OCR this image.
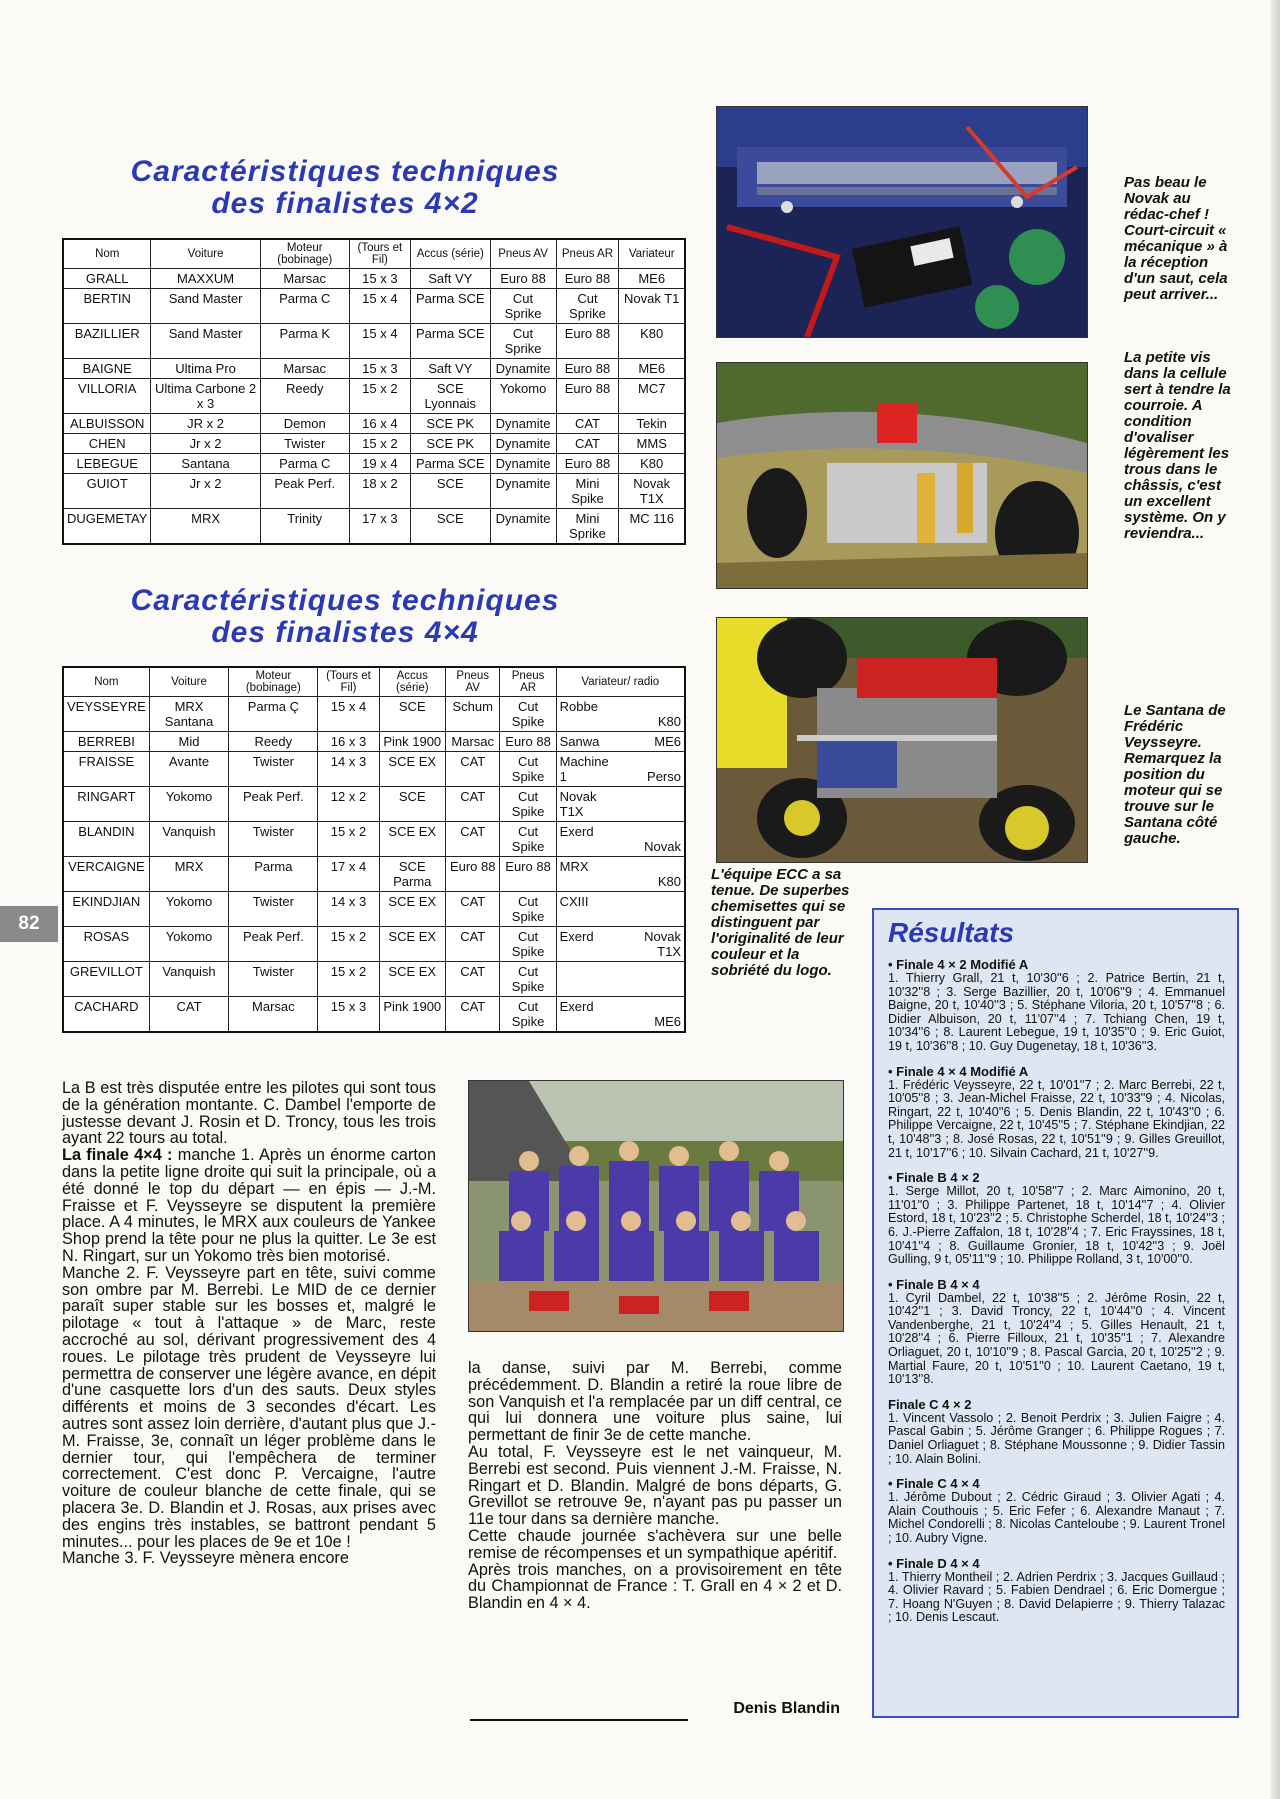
Caractéristiques techniques
des finalistes 4×2
Nom	Voiture	Moteur (bobinage)	(Tours et Fil)	Accus (série)	Pneus AV	Pneus AR	Variateur
GRALL	MAXXUM	Marsac	15 x 3	Saft VY	Euro 88	Euro 88	ME6
BERTIN	Sand Master	Parma C	15 x 4	Parma SCE	Cut Sprike	Cut Sprike	Novak T1
BAZILLIER	Sand Master	Parma K	15 x 4	Parma SCE	Cut Sprike	Euro 88	K80
BAIGNE	Ultima Pro	Marsac	15 x 3	Saft VY	Dynamite	Euro 88	ME6
VILLORIA	Ultima Carbone 2 x 3	Reedy	15 x 2	SCE Lyonnais	Yokomo	Euro 88	MC7
ALBUISSON	JR x 2	Demon	16 x 4	SCE PK	Dynamite	CAT	Tekin
CHEN	Jr x 2	Twister	15 x 2	SCE PK	Dynamite	CAT	MMS
LEBEGUE	Santana	Parma C	19 x 4	Parma SCE	Dynamite	Euro 88	K80
GUIOT	Jr x 2	Peak Perf.	18 x 2	SCE	Dynamite	Mini Spike	Novak T1X
DUGEMETAY	MRX	Trinity	17 x 3	SCE	Dynamite	Mini Sprike	MC 116
Caractéristiques techniques
des finalistes 4×4
Nom	Voiture	Moteur (bobinage)	(Tours et Fil)	Accus (série)	Pneus AV	Pneus AR	Variateur/ radio	
VEYSSEYRE	MRX Santana	Parma Ç	15 x 4	SCE	Schum	Cut Spike	Robbe	K80
BERREBI	Mid	Reedy	16 x 3	Pink 1900	Marsac	Euro 88	Sanwa	ME6
FRAISSE	Avante	Twister	14 x 3	SCE EX	CAT	Cut Spike	Machine 1	Perso
RINGART	Yokomo	Peak Perf.	12 x 2	SCE	CAT	Cut Spike	Novak T1X	
BLANDIN	Vanquish	Twister	15 x 2	SCE EX	CAT	Cut Spike	Exerd	Novak
VERCAIGNE	MRX	Parma	17 x 4	SCE Parma	Euro 88	Euro 88	MRX	K80
EKINDJIAN	Yokomo	Twister	14 x 3	SCE EX	CAT	Cut Spike	CXIII	
ROSAS	Yokomo	Peak Perf.	15 x 2	SCE EX	CAT	Cut Spike	Exerd	Novak T1X
GREVILLOT	Vanquish	Twister	15 x 2	SCE EX	CAT	Cut Spike		
CACHARD	CAT	Marsac	15 x 3	Pink 1900	CAT	Cut Spike	Exerd	ME6
Pas beau le Novak au rédac-chef ! Court-circuit « mécanique » à la réception d'un saut, cela peut arriver...
La petite vis dans la cellule sert à tendre la courroie. A condition d'ovaliser légèrement les trous dans le châssis, c'est un excellent système. On y reviendra...
Le Santana de Frédéric Veysseyre. Remarquez la position du moteur qui se trouve sur le Santana côté gauche.
L'équipe ECC a sa tenue. De superbes chemisettes qui se distinguent par l'originalité de leur couleur et la sobriété du logo.
82

La B est très disputée entre les pilotes qui sont tous de la génération montante. C. Dambel l'emporte de justesse devant J. Rosin et D. Troncy, tous les trois ayant 22 tours au total.

La finale 4×4 : manche 1. Après un énorme carton dans la petite ligne droite qui suit la principale, où a été donné le top du départ — en épis — J.-M. Fraisse et F. Veysseyre se disputent la première place. A 4 minutes, le MRX aux couleurs de Yankee Shop prend la tête pour ne plus la quitter. Le 3e est N. Ringart, sur un Yokomo très bien motorisé.

Manche 2. F. Veysseyre part en tête, suivi comme son ombre par M. Berrebi. Le MID de ce dernier paraît super stable sur les bosses et, malgré le pilotage « tout à l'attaque » de Marc, reste accroché au sol, dérivant progressivement des 4 roues. Le pilotage très prudent de Veysseyre lui permettra de conserver une légère avance, en dépit d'une casquette lors d'un des sauts. Deux styles différents et moins de 3 secondes d'écart. Les autres sont assez loin derrière, d'autant plus que J.-M. Fraisse, 3e, connaît un léger problème dans le dernier tour, qui l'empêchera de terminer correctement. C'est donc P. Vercaigne, l'autre voiture de couleur blanche de cette finale, qui se placera 3e. D. Blandin et J. Rosas, aux prises avec des engins très instables, se battront pendant 5 minutes... pour les places de 9e et 10e !

Manche 3. F. Veysseyre mènera encore

la danse, suivi par M. Berrebi, comme précédemment. D. Blandin a retiré la roue libre de son Vanquish et l'a remplacée par un diff central, ce qui lui donnera une voiture plus saine, lui permettant de finir 3e de cette manche.

Au total, F. Veysseyre est le net vainqueur, M. Berrebi est second. Puis viennent J.-M. Fraisse, N. Ringart et D. Blandin. Malgré de bons départs, G. Grevillot se retrouve 9e, n'ayant pas pu passer un 11e tour dans sa dernière manche.

Cette chaude journée s'achèvera sur une belle remise de récompenses et un sympathique apéritif.

Après trois manches, on a provisoirement en tête du Championnat de France : T. Grall en 4 × 2 et D. Blandin en 4 × 4.

Denis Blandin
Résultats
• Finale 4 × 2 Modifié A
1. Thierry Grall, 21 t, 10'30''6 ; 2. Patrice Bertin, 21 t, 10'32''8 ; 3. Serge Bazillier, 20 t, 10'06''9 ; 4. Emmanuel Baigne, 20 t, 10'40''3 ; 5. Stéphane Viloria, 20 t, 10'57''8 ; 6. Didier Albuison, 20 t, 11'07''4 ; 7. Tchiang Chen, 19 t, 10'34''6 ; 8. Laurent Lebegue, 19 t, 10'35''0 ; 9. Eric Guiot, 19 t, 10'36''8 ; 10. Guy Dugenetay, 18 t, 10'36''3.
• Finale 4 × 4 Modifié A
1. Frédéric Veysseyre, 22 t, 10'01''7 ; 2. Marc Berrebi, 22 t, 10'05''8 ; 3. Jean-Michel Fraisse, 22 t, 10'33''9 ; 4. Nicolas, Ringart, 22 t, 10'40''6 ; 5. Denis Blandin, 22 t, 10'43''0 ; 6. Philippe Vercaigne, 22 t, 10'45''5 ; 7. Stéphane Ekindjian, 22 t, 10'48''3 ; 8. José Rosas, 22 t, 10'51''9 ; 9. Gilles Greuillot, 21 t, 10'17''6 ; 10. Silvain Cachard, 21 t, 10'27''9.
• Finale B 4 × 2
1. Serge Millot, 20 t, 10'58''7 ; 2. Marc Aimonino, 20 t, 11'01''0 ; 3. Philippe Partenet, 18 t, 10'14''7 ; 4. Olivier Estord, 18 t, 10'23''2 ; 5. Christophe Scherdel, 18 t, 10'24''3 ; 6. J.-Pierre Zaffalon, 18 t, 10'28''4 ; 7. Eric Frayssines, 18 t, 10'41''4 ; 8. Guillaume Gronier, 18 t, 10'42''3 ; 9. Joël Gulling, 9 t, 05'11''9 ; 10. Philippe Rolland, 3 t, 10'00''0.
• Finale B 4 × 4
1. Cyril Dambel, 22 t, 10'38''5 ; 2. Jérôme Rosin, 22 t, 10'42''1 ; 3. David Troncy, 22 t, 10'44''0 ; 4. Vincent Vandenberghe, 21 t, 10'24''4 ; 5. Gilles Henault, 21 t, 10'28''4 ; 6. Pierre Filloux, 21 t, 10'35''1 ; 7. Alexandre Orliaguet, 20 t, 10'10''9 ; 8. Pascal Garcia, 20 t, 10'25''2 ; 9. Martial Faure, 20 t, 10'51''0 ; 10. Laurent Caetano, 19 t, 10'13''8.
Finale C 4 × 2
1. Vincent Vassolo ; 2. Benoit Perdrix ; 3. Julien Faigre ; 4. Pascal Gabin ; 5. Jérôme Granger ; 6. Philippe Rogues ; 7. Daniel Orliaguet ; 8. Stéphane Moussonne ; 9. Didier Tassin ; 10. Alain Bolini.
• Finale C 4 × 4
1. Jérôme Dubout ; 2. Cédric Giraud ; 3. Olivier Agati ; 4. Alain Couthouis ; 5. Eric Fefer ; 6. Alexandre Manaut ; 7. Michel Condorelli ; 8. Nicolas Canteloube ; 9. Laurent Tronel ; 10. Aubry Vigne.
• Finale D 4 × 4
1. Thierry Montheil ; 2. Adrien Perdrix ; 3. Jacques Guillaud ; 4. Olivier Ravard ; 5. Fabien Dendrael ; 6. Eric Domergue ; 7. Hoang N'Guyen ; 8. David Delapierre ; 9. Thierry Talazac ; 10. Denis Lescaut.
